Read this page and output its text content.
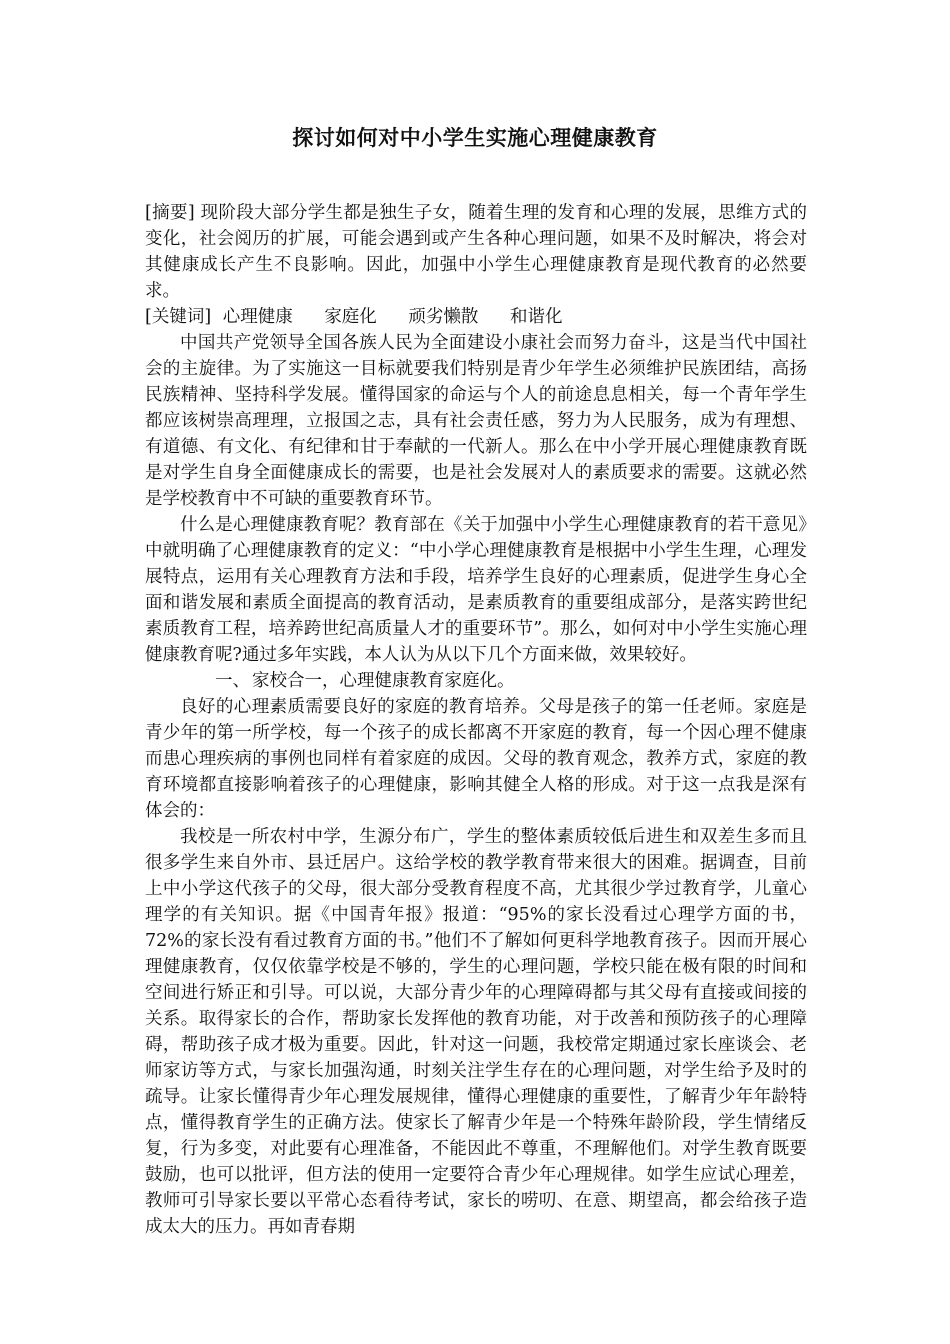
探讨如何对中小学生实施心理健康教育

[摘要] 现阶段大部分学生都是独生子女，随着生理的发育和心理的发展，思维方式的变化，社会阅历的扩展，可能会遇到或产生各种心理问题，如果不及时解决，将会对其健康成长产生不良影响。因此，加强中小学生心理健康教育是现代教育的必然要求。

[关键词] 心理健康 家庭化 顽劣懒散 和谐化

中国共产党领导全国各族人民为全面建设小康社会而努力奋斗，这是当代中国社会的主旋律。为了实施这一目标就要我们特别是青少年学生必须维护民族团结，高扬民族精神、坚持科学发展。懂得国家的命运与个人的前途息息相关，每一个青年学生都应该树崇高理理，立报国之志，具有社会责任感，努力为人民服务，成为有理想、有道德、有文化、有纪律和甘于奉献的一代新人。那么在中小学开展心理健康教育既是对学生自身全面健康成长的需要，也是社会发展对人的素质要求的需要。这就必然是学校教育中不可缺的重要教育环节。

什么是心理健康教育呢？教育部在《关于加强中小学生心理健康教育的若干意见》中就明确了心理健康教育的定义：“中小学心理健康教育是根据中小学生生理，心理发展特点，运用有关心理教育方法和手段，培养学生良好的心理素质，促进学生身心全面和谐发展和素质全面提高的教育活动，是素质教育的重要组成部分，是落实跨世纪素质教育工程，培养跨世纪高质量人才的重要环节”。那么，如何对中小学生实施心理健康教育呢?通过多年实践，本人认为从以下几个方面来做，效果较好。

一、 家校合一，心理健康教育家庭化。

良好的心理素质需要良好的家庭的教育培养。父母是孩子的第一任老师。家庭是青少年的第一所学校，每一个孩子的成长都离不开家庭的教育，每一个因心理不健康而患心理疾病的事例也同样有着家庭的成因。父母的教育观念，教养方式，家庭的教育环境都直接影响着孩子的心理健康，影响其健全人格的形成。对于这一点我是深有体会的：

我校是一所农村中学，生源分布广，学生的整体素质较低后进生和双差生多而且很多学生来自外市、县迁居户。这给学校的教学教育带来很大的困难。据调查，目前上中小学这代孩子的父母，很大部分受教育程度不高，尤其很少学过教育学，儿童心理学的有关知识。据《中国青年报》报道：“95%的家长没看过心理学方面的书，72%的家长没有看过教育方面的书。”他们不了解如何更科学地教育孩子。因而开展心理健康教育，仅仅依靠学校是不够的，学生的心理问题，学校只能在极有限的时间和空间进行矫正和引导。可以说，大部分青少年的心理障碍都与其父母有直接或间接的关系。取得家长的合作，帮助家长发挥他的教育功能，对于改善和预防孩子的心理障碍，帮助孩子成才极为重要。因此，针对这一问题，我校常定期通过家长座谈会、老师家访等方式，与家长加强沟通，时刻关注学生存在的心理问题，对学生给予及时的疏导。让家长懂得青少年心理发展规律，懂得心理健康的重要性，了解青少年年龄特点，懂得教育学生的正确方法。使家长了解青少年是一个特殊年龄阶段，学生情绪反复，行为多变，对此要有心理准备，不能因此不尊重，不理解他们。对学生教育既要鼓励，也可以批评，但方法的使用一定要符合青少年心理规律。如学生应试心理差，教师可引导家长要以平常心态看待考试，家长的唠叨、在意、期望高，都会给孩子造成太大的压力。再如青春期
